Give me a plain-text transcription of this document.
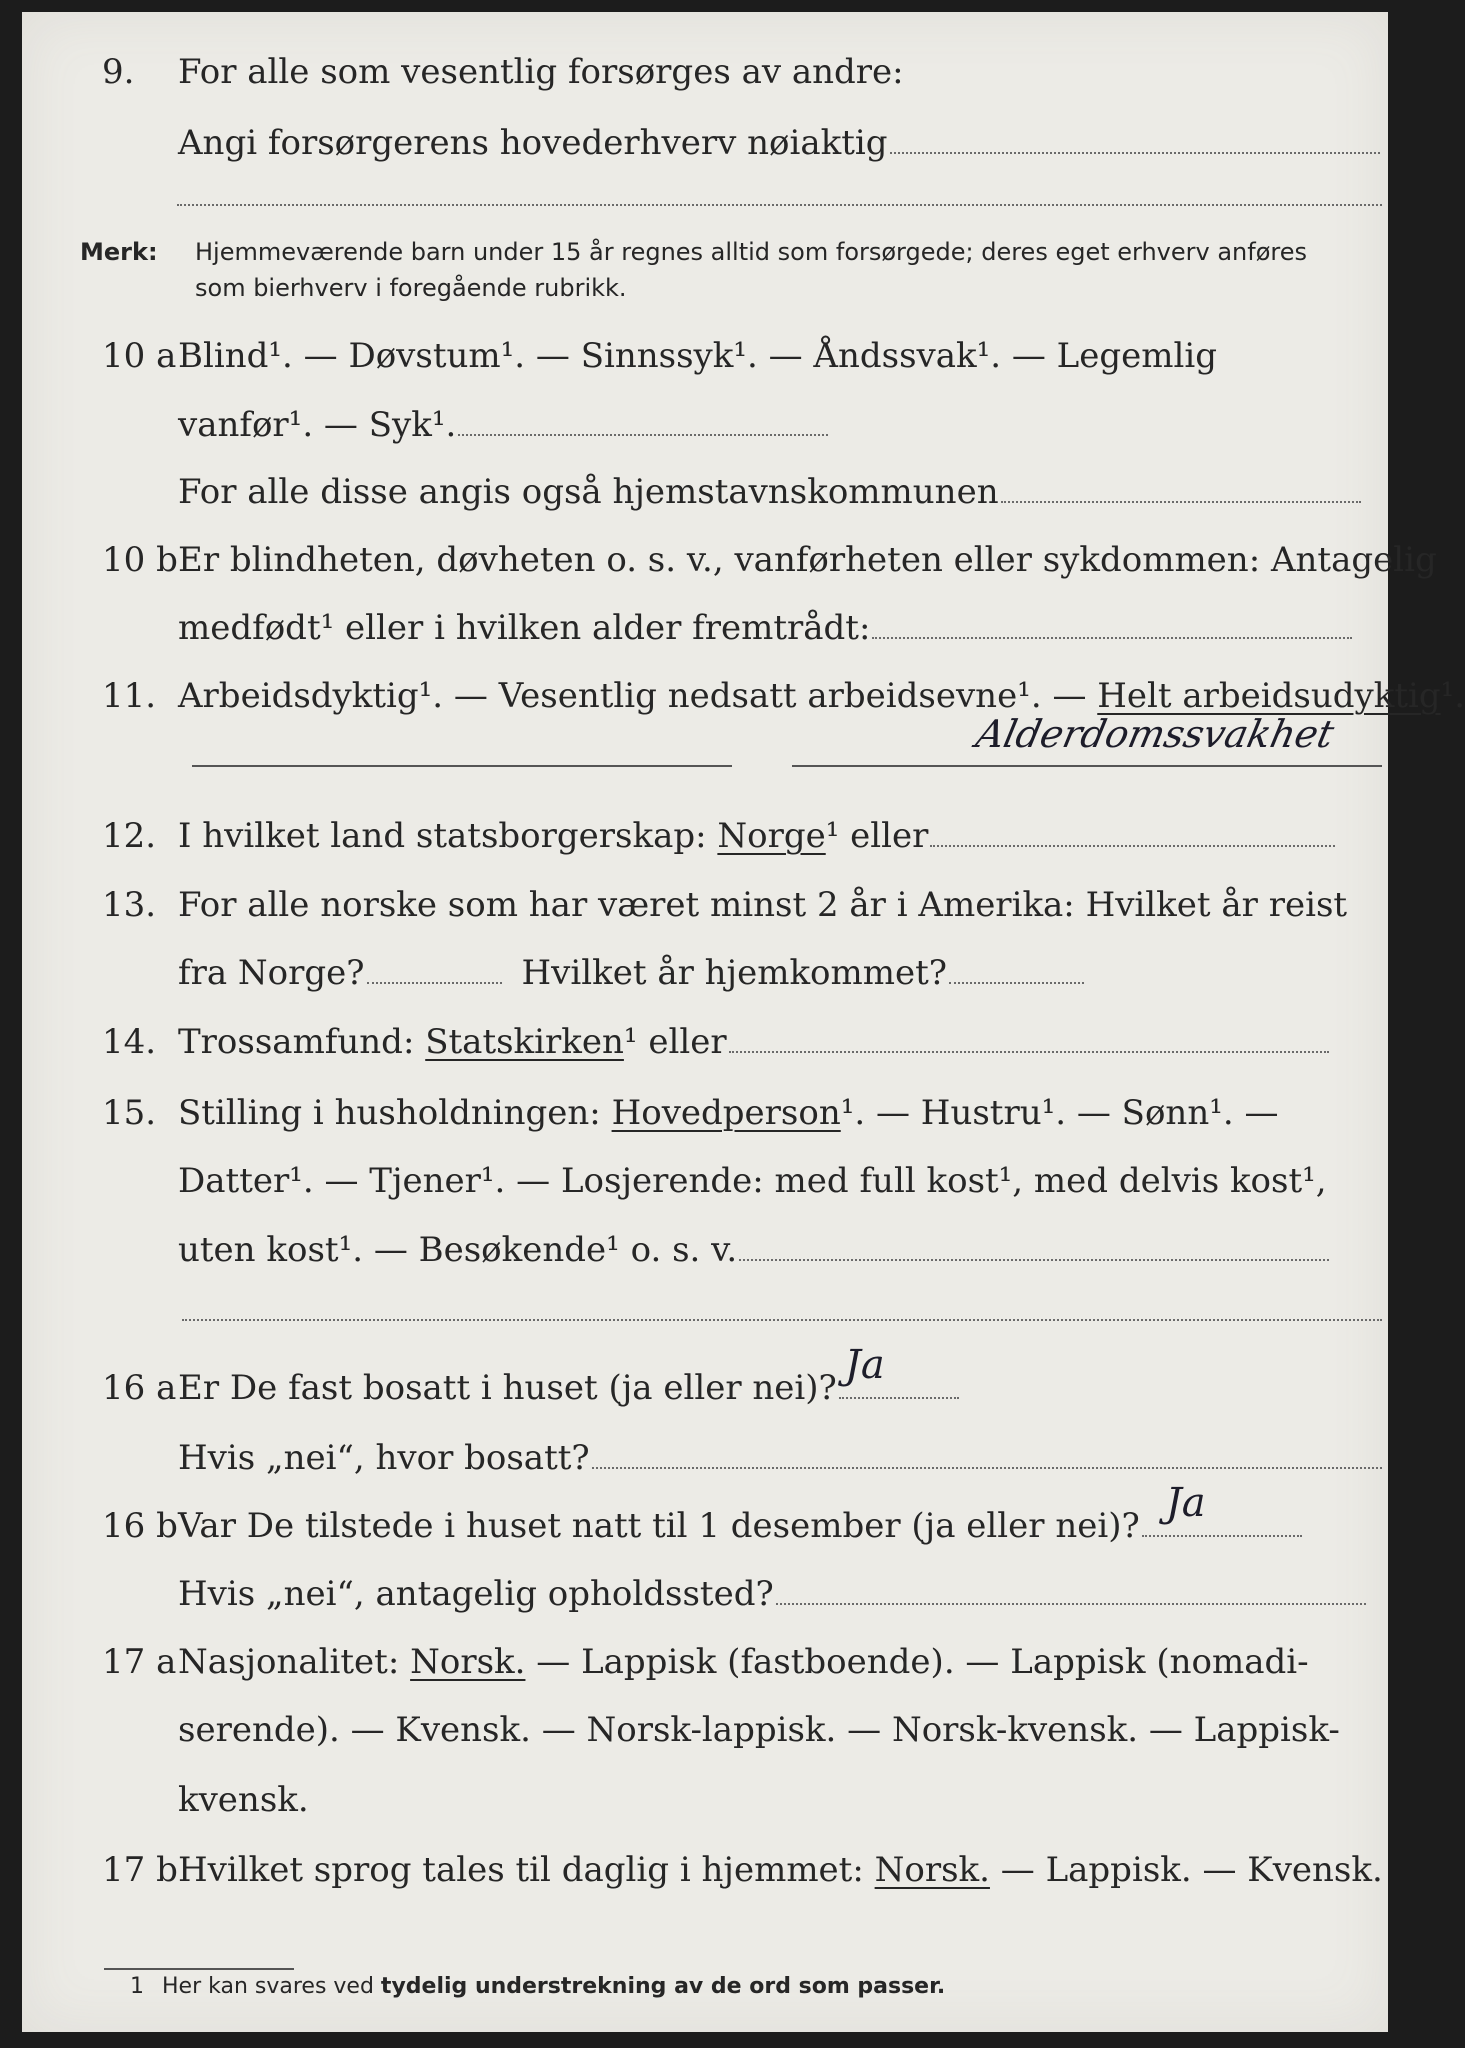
9. For alle som vesentlig forsørges av andre:
Angi forsørgerens hovederhverv nøiaktig
Merk: Hjemmeværende barn under 15 år regnes alltid som forsørgede; deres eget erhverv anføres som bierhverv i foregående rubrikk.
10 a Blind¹. — Døvstum¹. — Sinnssyk¹. — Åndssvak¹. — Legemlig
vanfør¹. — Syk¹.
For alle disse angis også hjemstavnskommunen
10 b Er blindheten, døvheten o. s. v., vanførheten eller sykdommen: Antagelig
medfødt¹ eller i hvilken alder fremtrådt:
11. Arbeidsdyktig¹. — Vesentlig nedsatt arbeidsevne¹. — Helt arbeidsudyktig¹.
Alderdomssvakhet
12. I hvilket land statsborgerskap: Norge¹ eller
13. For alle norske som har været minst 2 år i Amerika: Hvilket år reist
fra Norge?	Hvilket år hjemkommet?
14. Trossamfund: Statskirken¹ eller
15. Stilling i husholdningen: Hovedperson¹. — Hustru¹. — Sønn¹. —
Datter¹. — Tjener¹. — Losjerende: med full kost¹, med delvis kost¹,
uten kost¹. — Besøkende¹ o. s. v.
16 a Er De fast bosatt i huset (ja eller nei)? Ja
Hvis „nei“, hvor bosatt?
16 b Var De tilstede i huset natt til 1 desember (ja eller nei)? Ja
Hvis „nei“, antagelig opholdssted?
17 a Nasjonalitet: Norsk. — Lappisk (fastboende). — Lappisk (nomadi-
serende). — Kvensk. — Norsk-lappisk. — Norsk-kvensk. — Lappisk-
kvensk.
17 b Hvilket sprog tales til daglig i hjemmet: Norsk. — Lappisk. — Kvensk.
1 Her kan svares ved tydelig understrekning av de ord som passer.
